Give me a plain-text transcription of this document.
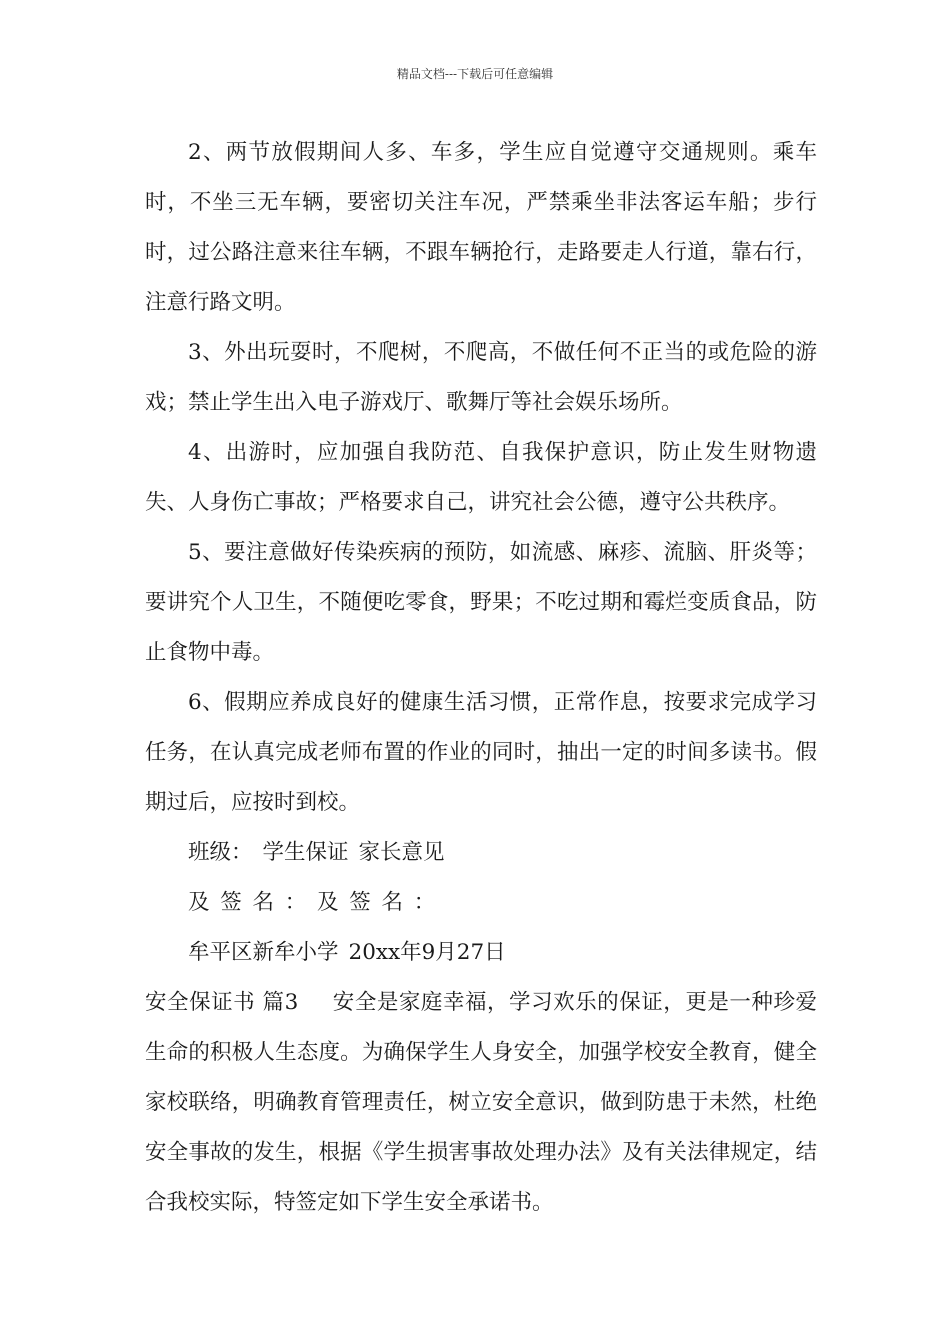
精品文档---下载后可任意编辑

2、两节放假期间人多、车多，学生应自觉遵守交通规则。乘车时，不坐三无车辆，要密切关注车况，严禁乘坐非法客运车船；步行时，过公路注意来往车辆，不跟车辆抢行，走路要走人行道，靠右行，注意行路文明。

3、外出玩耍时，不爬树，不爬高，不做任何不正当的或危险的游戏；禁止学生出入电子游戏厅、歌舞厅等社会娱乐场所。

4、出游时，应加强自我防范、自我保护意识，防止发生财物遗失、人身伤亡事故；严格要求自己，讲究社会公德，遵守公共秩序。

5、要注意做好传染疾病的预防，如流感、麻疹、流脑、肝炎等；要讲究个人卫生，不随便吃零食，野果；不吃过期和霉烂变质食品，防止食物中毒。

6、假期应养成良好的健康生活习惯，正常作息，按要求完成学习任务，在认真完成老师布置的作业的同时，抽出一定的时间多读书。假期过后，应按时到校。

班级： 学生保证 家长意见

及签名：及签名：

牟平区新牟小学 20xx年9月27日

安全保证书 篇3 安全是家庭幸福，学习欢乐的保证，更是一种珍爱生命的积极人生态度。为确保学生人身安全，加强学校安全教育，健全家校联络，明确教育管理责任，树立安全意识，做到防患于未然，杜绝安全事故的发生，根据《学生损害事故处理办法》及有关法律规定，结合我校实际，特签定如下学生安全承诺书。
